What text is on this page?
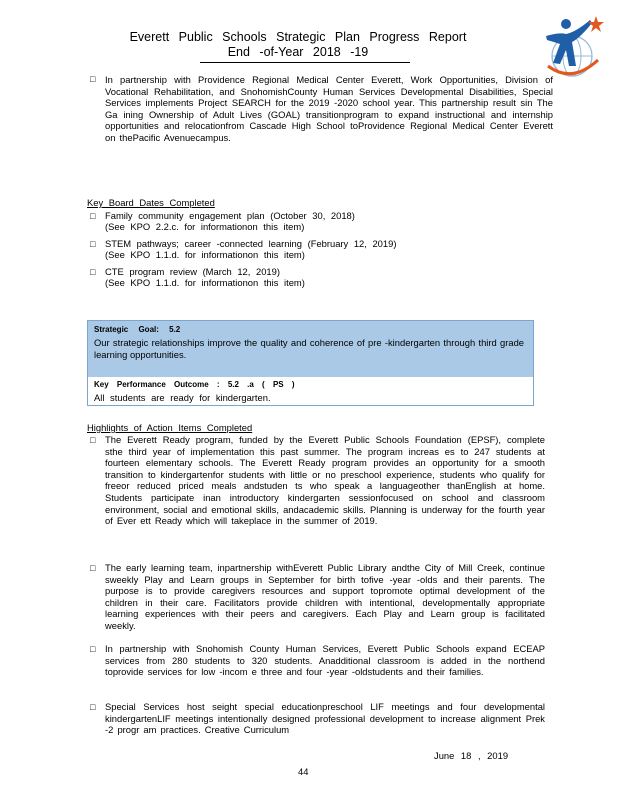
Everett Public Schools Strategic Plan Progress Report
End -of-Year 2018 -19
□ In partnership with Providence Regional Medical Center Everett, Work Opportunities, Division of Vocational Rehabilitation, and SnohomishCounty Human Services Developmental Disabilities, Special Services implements Project SEARCH for the 2019 -2020 school year. This partnership result sin The Ga ining Ownership of Adult Lives (GOAL) transitionprogram to expand instructional and internship opportunities and relocationfrom Cascade High School toProvidence Regional Medical Center Everett on thePacific Avenuecampus.
Key Board Dates Completed
□ Family community engagement plan (October 30, 2018)
(See KPO 2.2.c. for informationon this item)
□ STEM pathways; career -connected learning (February 12, 2019)
(See KPO 1.1.d. for informationon this item)
□ CTE program review (March 12, 2019)
(See KPO 1.1.d. for informationon this item)
Strategic Goal: 5.2
Our strategic relationships improve the quality and coherence of pre -kindergarten through third grade learning opportunities.
Key Performance Outcome : 5.2 .a ( PS )
All students are ready for kindergarten.
Highlights of Action Items Completed
□ The Everett Ready program, funded by the Everett Public Schools Foundation (EPSF), complete sthe third year of implementation this past summer. The program increas es to 247 students at fourteen elementary schools. The Everett Ready program provides an opportunity for a smooth transition to kindergartenfor students with little or no preschool experience, students who qualify for freeor reduced priced meals andstuden ts who speak a languageother thanEnglish at home. Students participate inan introductory kindergarten sessionfocused on school and classroom environment, social and emotional skills, andacademic skills. Planning is underway for the fourth year of Ever ett Ready which will takeplace in the summer of 2019.
□ The early learning team, inpartnership withEverett Public Library andthe City of Mill Creek, continue sweekly Play and Learn groups in September for birth tofive -year -olds and their parents. The purpose is to provide caregivers resources and support topromote optimal development of the children in their care. Facilitators provide children with intentional, developmentally appropriate learning experiences with their peers and caregivers. Each Play and Learn group is facilitated weekly.
□ In partnership with Snohomish County Human Services, Everett Public Schools expand ECEAP services from 280 students to 320 students. Anadditional classroom is added in the northend toprovide services for low -incom e three and four -year -oldstudents and their families.
□ Special Services host seight special educationpreschool LIF meetings and four developmental kindergartenLIF meetings intentionally designed professional development to increase alignment Prek -2 progr am practices. Creative Curriculum
June 18 , 2019
44
